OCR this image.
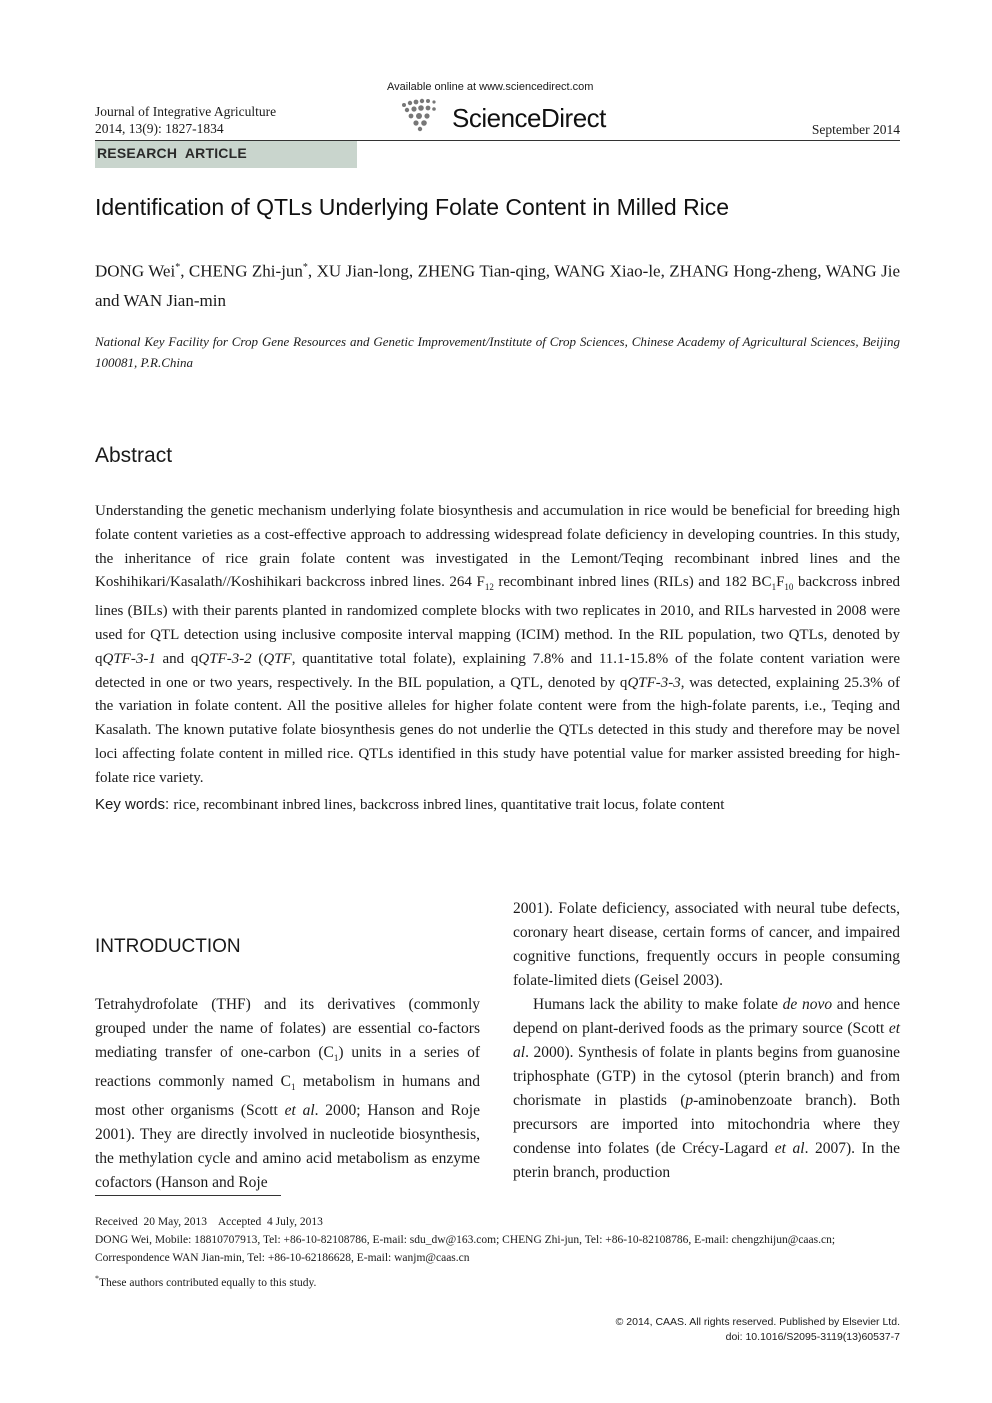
Journal of Integrative Agriculture
2014, 13(9): 1827-1834
Available online at www.sciencedirect.com
ScienceDirect	September 2014
RESEARCH  ARTICLE
Identification of QTLs Underlying Folate Content in Milled Rice
DONG Wei*, CHENG Zhi-jun*, XU Jian-long, ZHENG Tian-qing, WANG Xiao-le, ZHANG Hong-zheng, WANG Jie and WAN Jian-min
National Key Facility for Crop Gene Resources and Genetic Improvement/Institute of Crop Sciences, Chinese Academy of Agricultural Sciences, Beijing 100081, P.R.China
Abstract
Understanding the genetic mechanism underlying folate biosynthesis and accumulation in rice would be beneficial for breeding high folate content varieties as a cost-effective approach to addressing widespread folate deficiency in developing countries. In this study, the inheritance of rice grain folate content was investigated in the Lemont/Teqing recombinant inbred lines and the Koshihikari/Kasalath//Koshihikari backcross inbred lines. 264 $F_{12}$ recombinant inbred lines (RILs) and 182 $BC_1F_{10}$ backcross inbred lines (BILs) with their parents planted in randomized complete blocks with two replicates in 2010, and RILs harvested in 2008 were used for QTL detection using inclusive composite interval mapping (ICIM) method. In the RIL population, two QTLs, denoted by qQTF-3-1 and qQTF-3-2 (QTF, quantitative total folate), explaining 7.8% and 11.1-15.8% of the folate content variation were detected in one or two years, respectively. In the BIL population, a QTL, denoted by qQTF-3-3, was detected, explaining 25.3% of the variation in folate content. All the positive alleles for higher folate content were from the high-folate parents, i.e., Teqing and Kasalath. The known putative folate biosynthesis genes do not underlie the QTLs detected in this study and therefore may be novel loci affecting folate content in milled rice. QTLs identified in this study have potential value for marker assisted breeding for high-folate rice variety.
Key words: rice, recombinant inbred lines, backcross inbred lines, quantitative trait locus, folate content
INTRODUCTION

Tetrahydrofolate (THF) and its derivatives (commonly grouped under the name of folates) are essential co-factors mediating transfer of one-carbon $(C_1)$ units in a series of reactions commonly named $C_1$ metabolism in humans and most other organisms (Scott et al. 2000; Hanson and Roje 2001). They are directly involved in nucleotide biosynthesis, the methylation cycle and amino acid metabolism as enzyme cofactors (Hanson and Roje

2001). Folate deficiency, associated with neural tube defects, coronary heart disease, certain forms of cancer, and impaired cognitive functions, frequently occurs in people consuming folate-limited diets (Geisel 2003).

Humans lack the ability to make folate de novo and hence depend on plant-derived foods as the primary source (Scott et al. 2000). Synthesis of folate in plants begins from guanosine triphosphate (GTP) in the cytosol (pterin branch) and from chorismate in plastids (p-aminobenzoate branch). Both precursors are imported into mitochondria where they condense into folates (de Crécy-Lagard et al. 2007). In the pterin branch, production

Received  20 May, 2013    Accepted  4 July, 2013
DONG Wei, Mobile: 18810707913, Tel: +86-10-82108786, E-mail: sdu_dw@163.com; CHENG Zhi-jun, Tel: +86-10-82108786, E-mail: chengzhijun@caas.cn; Correspondence WAN Jian-min, Tel: +86-10-62186628, E-mail: wanjm@caas.cn
*These authors contributed equally to this study.
© 2014, CAAS. All rights reserved. Published by Elsevier Ltd.
doi: 10.1016/S2095-3119(13)60537-7
